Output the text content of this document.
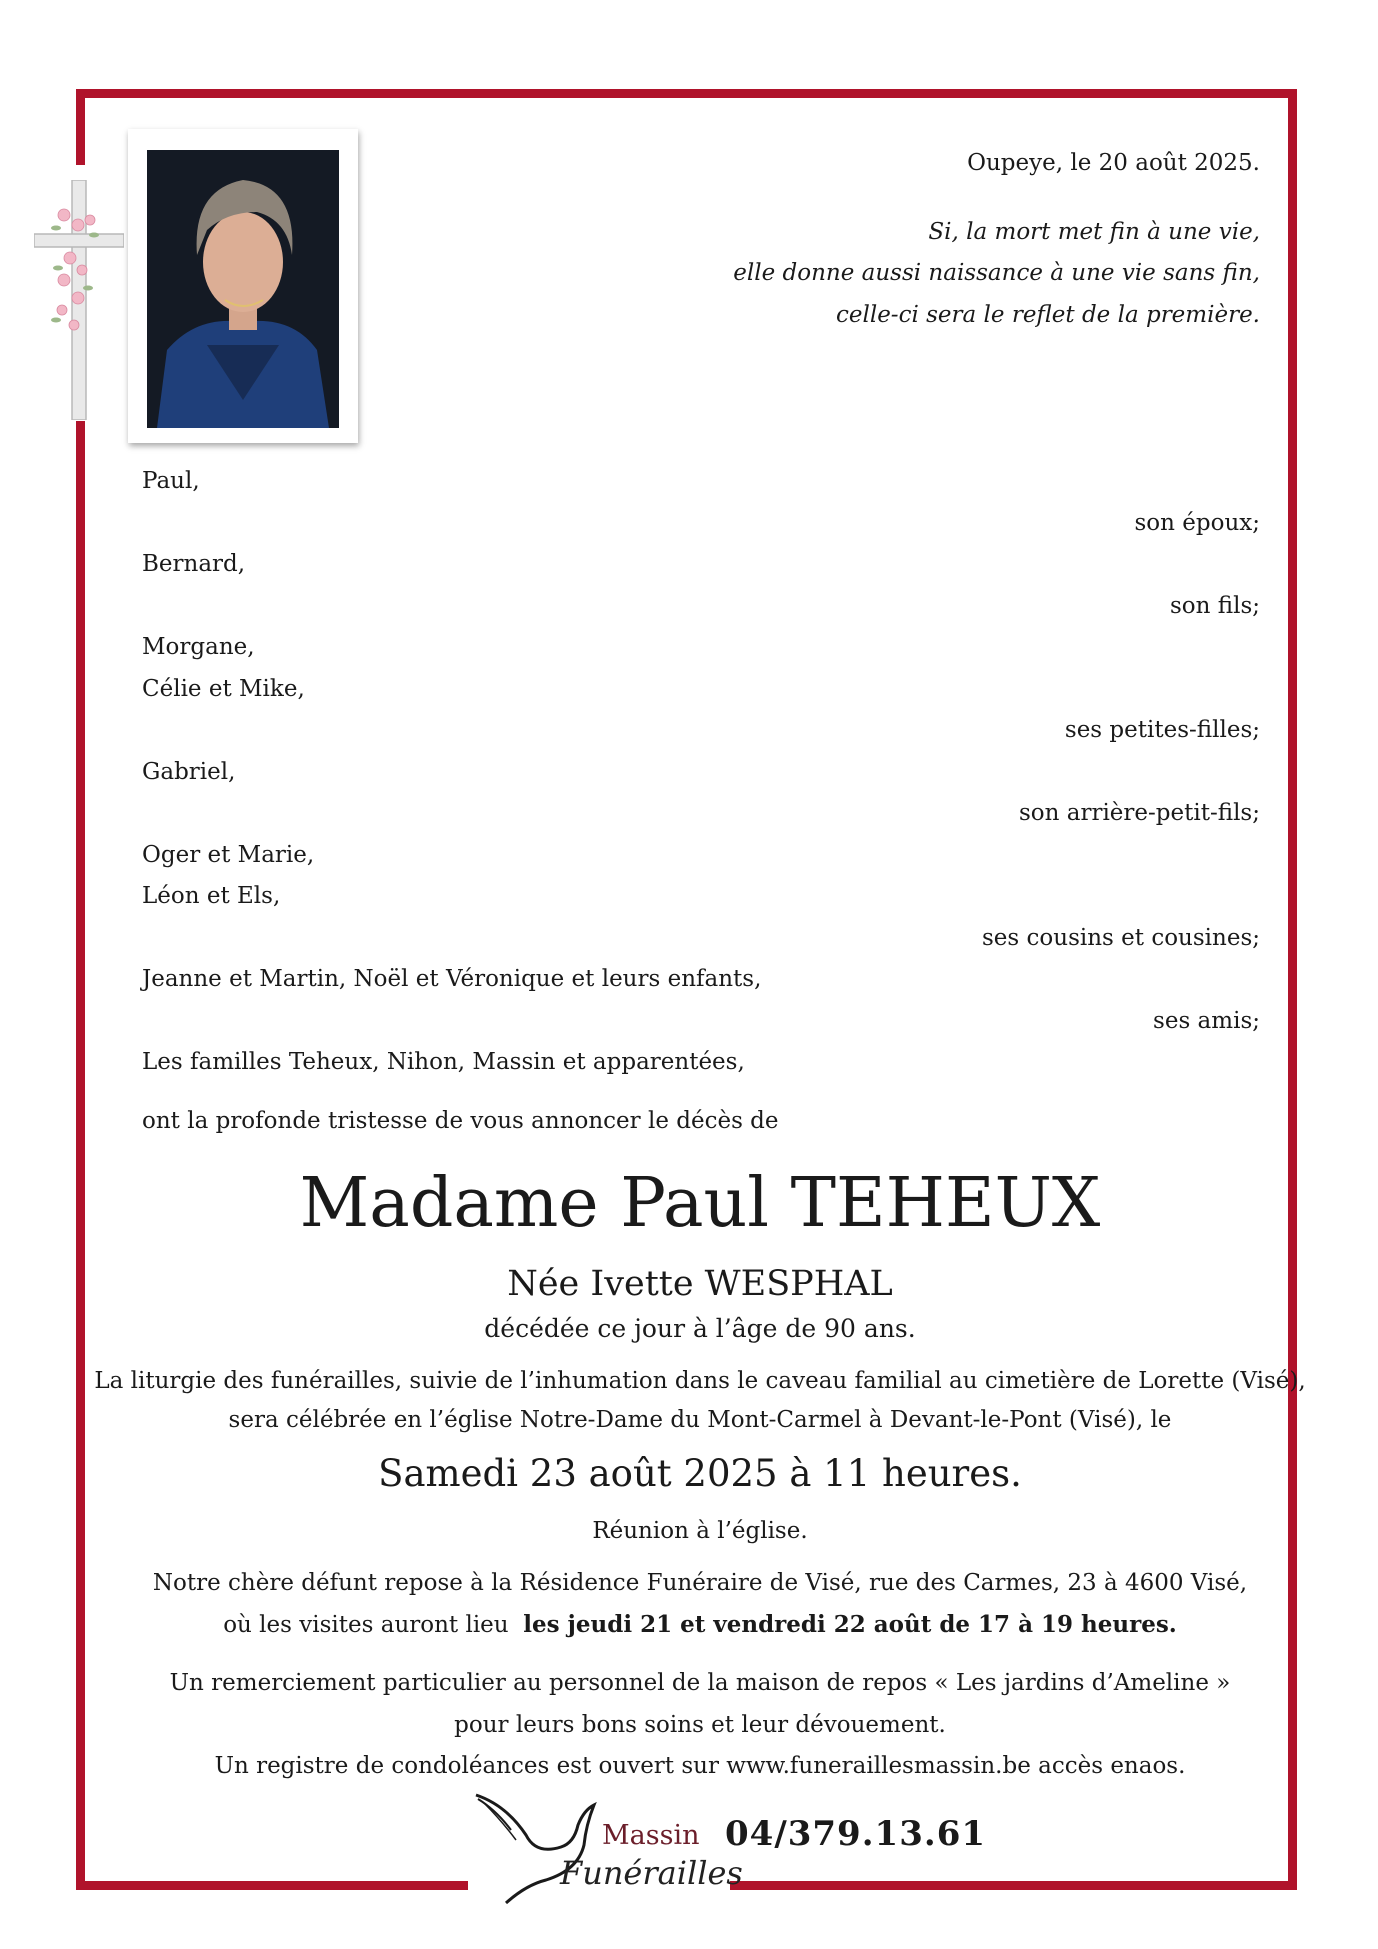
Oupeye, le 20 août 2025.
Si, la mort met fin à une vie,
elle donne aussi naissance à une vie sans fin,
celle-ci sera le reflet de la première.
Paul,
son époux;
Bernard,
son fils;
Morgane,
Célie et Mike,
ses petites-filles;
Gabriel,
son arrière-petit-fils;
Oger et Marie,
Léon et Els,
ses cousins et cousines;
Jeanne et Martin, Noël et Véronique et leurs enfants,
ses amis;
Les familles Teheux, Nihon, Massin et apparentées,
ont la profonde tristesse de vous annoncer le décès de
Madame Paul TEHEUX
Née Ivette WESPHAL
décédée ce jour à l’âge de 90 ans.
La liturgie des funérailles, suivie de l’inhumation dans le caveau familial au cimetière de Lorette (Visé),
sera célébrée en l’église Notre-Dame du Mont-Carmel à Devant-le-Pont (Visé), le
Samedi 23 août 2025 à 11 heures.
Réunion à l’église.
Notre chère défunt repose à la Résidence Funéraire de Visé, rue des Carmes, 23 à 4600 Visé,
où les visites auront lieu les jeudi 21 et vendredi 22 août de 17 à 19 heures.
Un remerciement particulier au personnel de la maison de repos « Les jardins d’Ameline »
pour leurs bons soins et leur dévouement.
Un registre de condoléances est ouvert sur www.funeraillesmassin.be accès enaos.
Massin
Funérailles
04/379.13.61
